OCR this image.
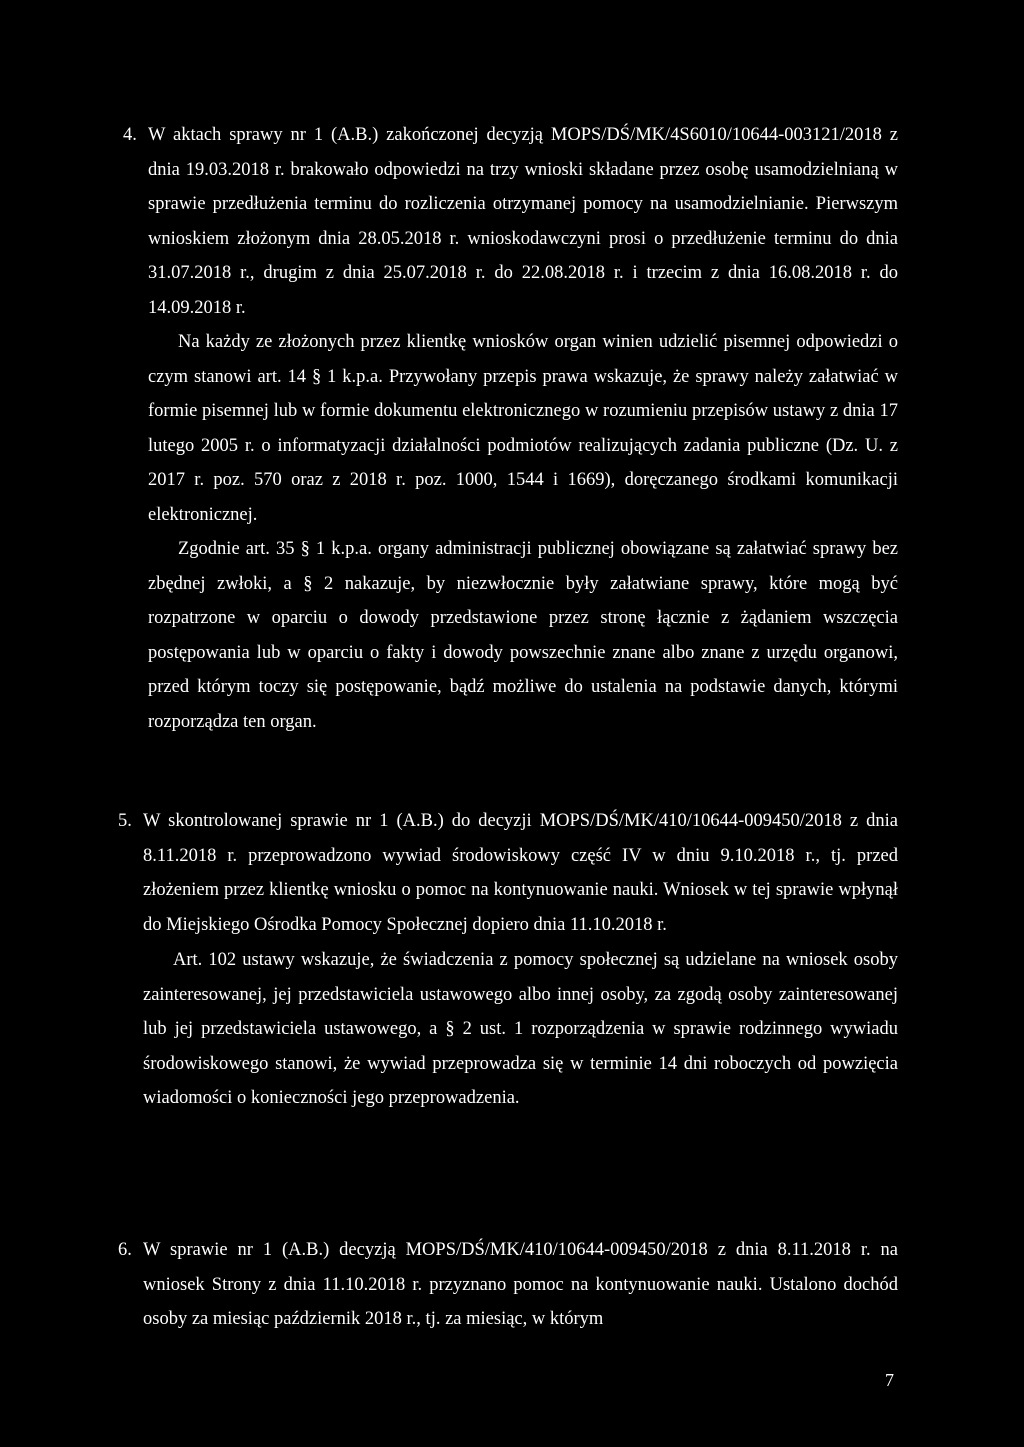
4. W aktach sprawy nr 1 (A.B.) zakończonej decyzją MOPS/DŚ/MK/4S6010/10644-003121/2018 z dnia 19.03.2018 r. brakowało odpowiedzi na trzy wnioski składane przez osobę usamodzielnianą w sprawie przedłużenia terminu do rozliczenia otrzymanej pomocy na usamodzielnianie. Pierwszym wnioskiem złożonym dnia 28.05.2018 r. wnioskodawczyni prosi o przedłużenie terminu do dnia 31.07.2018 r., drugim z dnia 25.07.2018 r. do 22.08.2018 r. i trzecim z dnia 16.08.2018 r. do 14.09.2018 r.

Na każdy ze złożonych przez klientkę wniosków organ winien udzielić pisemnej odpowiedzi o czym stanowi art. 14 § 1 k.p.a. Przywołany przepis prawa wskazuje, że sprawy należy załatwiać w formie pisemnej lub w formie dokumentu elektronicznego w rozumieniu przepisów ustawy z dnia 17 lutego 2005 r. o informatyzacji działalności podmiotów realizujących zadania publiczne (Dz. U. z 2017 r. poz. 570 oraz z 2018 r. poz. 1000, 1544 i 1669), doręczanego środkami komunikacji elektronicznej.

Zgodnie art. 35 § 1 k.p.a. organy administracji publicznej obowiązane są załatwiać sprawy bez zbędnej zwłoki, a § 2 nakazuje, by niezwłocznie były załatwiane sprawy, które mogą być rozpatrzone w oparciu o dowody przedstawione przez stronę łącznie z żądaniem wszczęcia postępowania lub w oparciu o fakty i dowody powszechnie znane albo znane z urzędu organowi, przed którym toczy się postępowanie, bądź możliwe do ustalenia na podstawie danych, którymi rozporządza ten organ.

5. W skontrolowanej sprawie nr 1 (A.B.) do decyzji MOPS/DŚ/MK/410/10644-009450/2018 z dnia 8.11.2018 r. przeprowadzono wywiad środowiskowy część IV w dniu 9.10.2018 r., tj. przed złożeniem przez klientkę wniosku o pomoc na kontynuowanie nauki. Wniosek w tej sprawie wpłynął do Miejskiego Ośrodka Pomocy Społecznej dopiero dnia 11.10.2018 r.

Art. 102 ustawy wskazuje, że świadczenia z pomocy społecznej są udzielane na wniosek osoby zainteresowanej, jej przedstawiciela ustawowego albo innej osoby, za zgodą osoby zainteresowanej lub jej przedstawiciela ustawowego, a § 2 ust. 1 rozporządzenia w sprawie rodzinnego wywiadu środowiskowego stanowi, że wywiad przeprowadza się w terminie 14 dni roboczych od powzięcia wiadomości o konieczności jego przeprowadzenia.

6. W sprawie nr 1 (A.B.) decyzją MOPS/DŚ/MK/410/10644-009450/2018 z dnia 8.11.2018 r. na wniosek Strony z dnia 11.10.2018 r. przyznano pomoc na kontynuowanie nauki. Ustalono dochód osoby za miesiąc październik 2018 r., tj. za miesiąc, w którym

7
